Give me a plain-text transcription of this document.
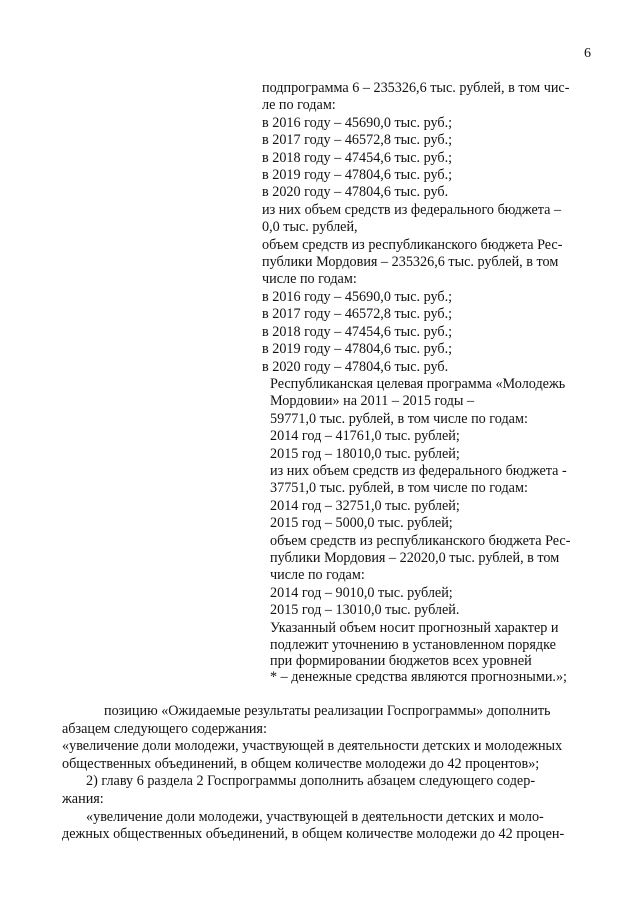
6

подпрограмма 6 – 235326,6 тыс. рублей, в том чис-

ле по годам:

в 2016 году – 45690,0 тыс. руб.;

в 2017 году – 46572,8 тыс. руб.;

в 2018 году – 47454,6 тыс. руб.;

в 2019 году – 47804,6 тыс. руб.;

в 2020 году – 47804,6 тыс. руб.

из них объем средств из федерального бюджета –

0,0 тыс. рублей,

объем средств из республиканского бюджета Рес-

публики Мордовия – 235326,6 тыс. рублей, в том

числе по годам:

в 2016 году – 45690,0 тыс. руб.;

в 2017 году – 46572,8 тыс. руб.;

в 2018 году – 47454,6 тыс. руб.;

в 2019 году – 47804,6 тыс. руб.;

в 2020 году – 47804,6 тыс. руб.

Республиканская целевая программа «Молодежь

Мордовии» на 2011 – 2015 годы –

59771,0 тыс. рублей, в том числе по годам:

2014 год – 41761,0 тыс. рублей;

2015 год – 18010,0 тыс. рублей;

из них объем средств из федерального бюджета -

37751,0 тыс. рублей, в том числе по годам:

2014 год – 32751,0 тыс. рублей;

2015 год – 5000,0 тыс. рублей;

объем средств из республиканского бюджета Рес-

публики Мордовия – 22020,0 тыс. рублей, в том

числе по годам:

2014 год – 9010,0 тыс. рублей;

2015 год – 13010,0 тыс. рублей.

Указанный объем носит прогнозный характер и

подлежит уточнению в установленном порядке

при формировании бюджетов всех уровней

* – денежные средства являются прогнозными.»;

позицию «Ожидаемые результаты реализации Госпрограммы» дополнить

абзацем следующего содержания:

«увеличение доли молодежи, участвующей в деятельности детских и молодежных

общественных объединений, в общем количестве молодежи до 42 процентов»;

2) главу 6 раздела 2 Госпрограммы дополнить абзацем следующего содер-

жания:

«увеличение доли молодежи, участвующей в деятельности детских и моло-

дежных общественных объединений, в общем количестве молодежи до 42 процен-
